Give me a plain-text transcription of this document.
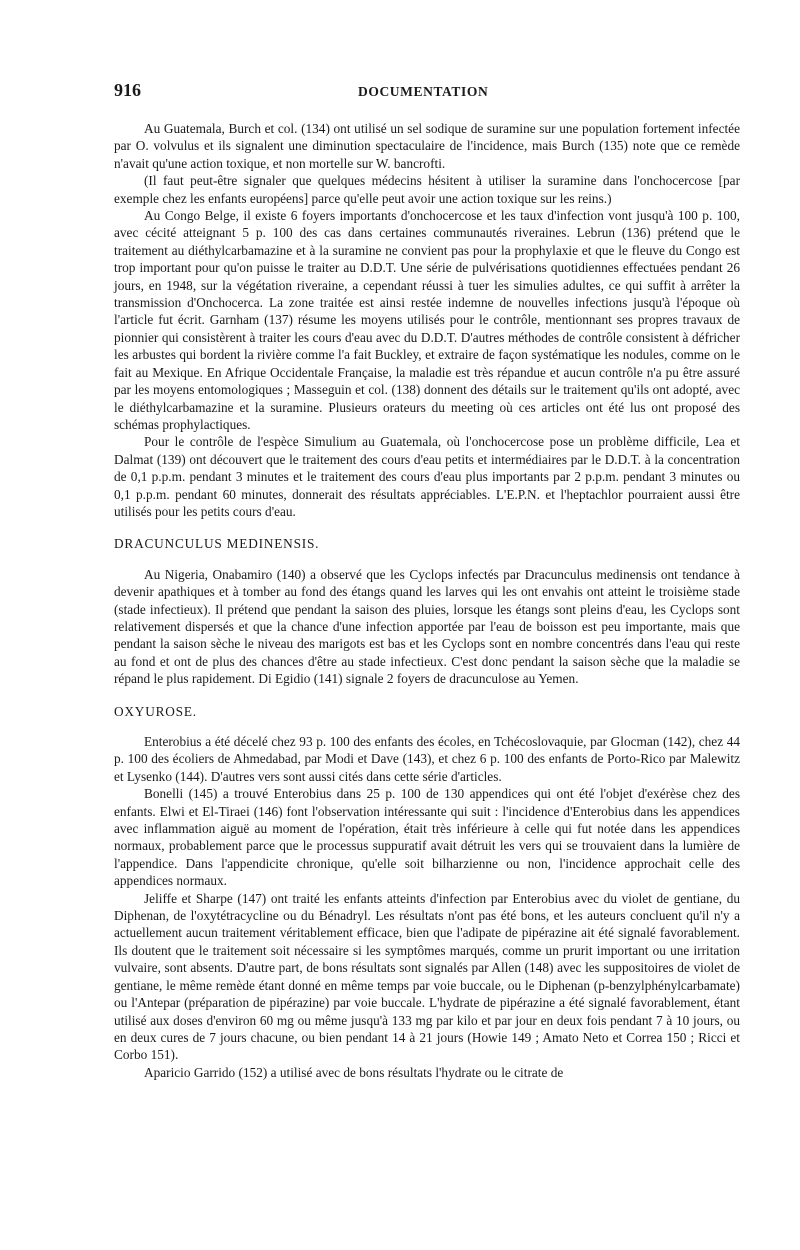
916	DOCUMENTATION

Au Guatemala, Burch et col. (134) ont utilisé un sel sodique de suramine sur une population fortement infectée par O. volvulus et ils signalent une diminution spectaculaire de l'incidence, mais Burch (135) note que ce remède n'avait qu'une action toxique, et non mortelle sur W. bancrofti.

(Il faut peut-être signaler que quelques médecins hésitent à utiliser la suramine dans l'onchocercose [par exemple chez les enfants européens] parce qu'elle peut avoir une action toxique sur les reins.)

Au Congo Belge, il existe 6 foyers importants d'onchocercose et les taux d'infection vont jusqu'à 100 p. 100, avec cécité atteignant 5 p. 100 des cas dans certaines communautés riveraines. Lebrun (136) prétend que le traitement au diéthylcarbamazine et à la suramine ne convient pas pour la prophylaxie et que le fleuve du Congo est trop important pour qu'on puisse le traiter au D.D.T. Une série de pulvérisations quotidiennes effectuées pendant 26 jours, en 1948, sur la végétation riveraine, a cependant réussi à tuer les simulies adultes, ce qui suffit à arrêter la transmission d'Onchocerca. La zone traitée est ainsi restée indemne de nouvelles infections jusqu'à l'époque où l'article fut écrit. Garnham (137) résume les moyens utilisés pour le contrôle, mentionnant ses propres travaux de pionnier qui consistèrent à traiter les cours d'eau avec du D.D.T. D'autres méthodes de contrôle consistent à défricher les arbustes qui bordent la rivière comme l'a fait Buckley, et extraire de façon systématique les nodules, comme on le fait au Mexique. En Afrique Occidentale Française, la maladie est très répandue et aucun contrôle n'a pu être assuré par les moyens entomologiques ; Masseguin et col. (138) donnent des détails sur le traitement qu'ils ont adopté, avec le diéthylcarbamazine et la suramine. Plusieurs orateurs du meeting où ces articles ont été lus ont proposé des schémas prophylactiques.

Pour le contrôle de l'espèce Simulium au Guatemala, où l'onchocercose pose un problème difficile, Lea et Dalmat (139) ont découvert que le traitement des cours d'eau petits et intermédiaires par le D.D.T. à la concentration de 0,1 p.p.m. pendant 3 minutes et le traitement des cours d'eau plus importants par 2 p.p.m. pendant 3 minutes ou 0,1 p.p.m. pendant 60 minutes, donnerait des résultats appréciables. L'E.P.N. et l'heptachlor pourraient aussi être utilisés pour les petits cours d'eau.

DRACUNCULUS MEDINENSIS.

Au Nigeria, Onabamiro (140) a observé que les Cyclops infectés par Dracunculus medinensis ont tendance à devenir apathiques et à tomber au fond des étangs quand les larves qui les ont envahis ont atteint le troisième stade (stade infectieux). Il prétend que pendant la saison des pluies, lorsque les étangs sont pleins d'eau, les Cyclops sont relativement dispersés et que la chance d'une infection apportée par l'eau de boisson est peu importante, mais que pendant la saison sèche le niveau des marigots est bas et les Cyclops sont en nombre concentrés dans l'eau qui reste au fond et ont de plus des chances d'être au stade infectieux. C'est donc pendant la saison sèche que la maladie se répand le plus rapidement. Di Egidio (141) signale 2 foyers de dracunculose au Yemen.

OXYUROSE.

Enterobius a été décelé chez 93 p. 100 des enfants des écoles, en Tchécoslovaquie, par Glocman (142), chez 44 p. 100 des écoliers de Ahmedabad, par Modi et Dave (143), et chez 6 p. 100 des enfants de Porto-Rico par Malewitz et Lysenko (144). D'autres vers sont aussi cités dans cette série d'articles.

Bonelli (145) a trouvé Enterobius dans 25 p. 100 de 130 appendices qui ont été l'objet d'exérèse chez des enfants. Elwi et El-Tiraei (146) font l'observation intéressante qui suit : l'incidence d'Enterobius dans les appendices avec inflammation aiguë au moment de l'opération, était très inférieure à celle qui fut notée dans les appendices normaux, probablement parce que le processus suppuratif avait détruit les vers qui se trouvaient dans la lumière de l'appendice. Dans l'appendicite chronique, qu'elle soit bilharzienne ou non, l'incidence approchait celle des appendices normaux.

Jeliffe et Sharpe (147) ont traité les enfants atteints d'infection par Enterobius avec du violet de gentiane, du Diphenan, de l'oxytétracycline ou du Bénadryl. Les résultats n'ont pas été bons, et les auteurs concluent qu'il n'y a actuellement aucun traitement véritablement efficace, bien que l'adipate de pipérazine ait été signalé favorablement. Ils doutent que le traitement soit nécessaire si les symptômes marqués, comme un prurit important ou une irritation vulvaire, sont absents. D'autre part, de bons résultats sont signalés par Allen (148) avec les suppositoires de violet de gentiane, le même remède étant donné en même temps par voie buccale, ou le Diphenan (p-benzylphénylcarbamate) ou l'Antepar (préparation de pipérazine) par voie buccale. L'hydrate de pipérazine a été signalé favorablement, étant utilisé aux doses d'environ 60 mg ou même jusqu'à 133 mg par kilo et par jour en deux fois pendant 7 à 10 jours, ou en deux cures de 7 jours chacune, ou bien pendant 14 à 21 jours (Howie 149 ; Amato Neto et Correa 150 ; Ricci et Corbo 151).

Aparicio Garrido (152) a utilisé avec de bons résultats l'hydrate ou le citrate de
